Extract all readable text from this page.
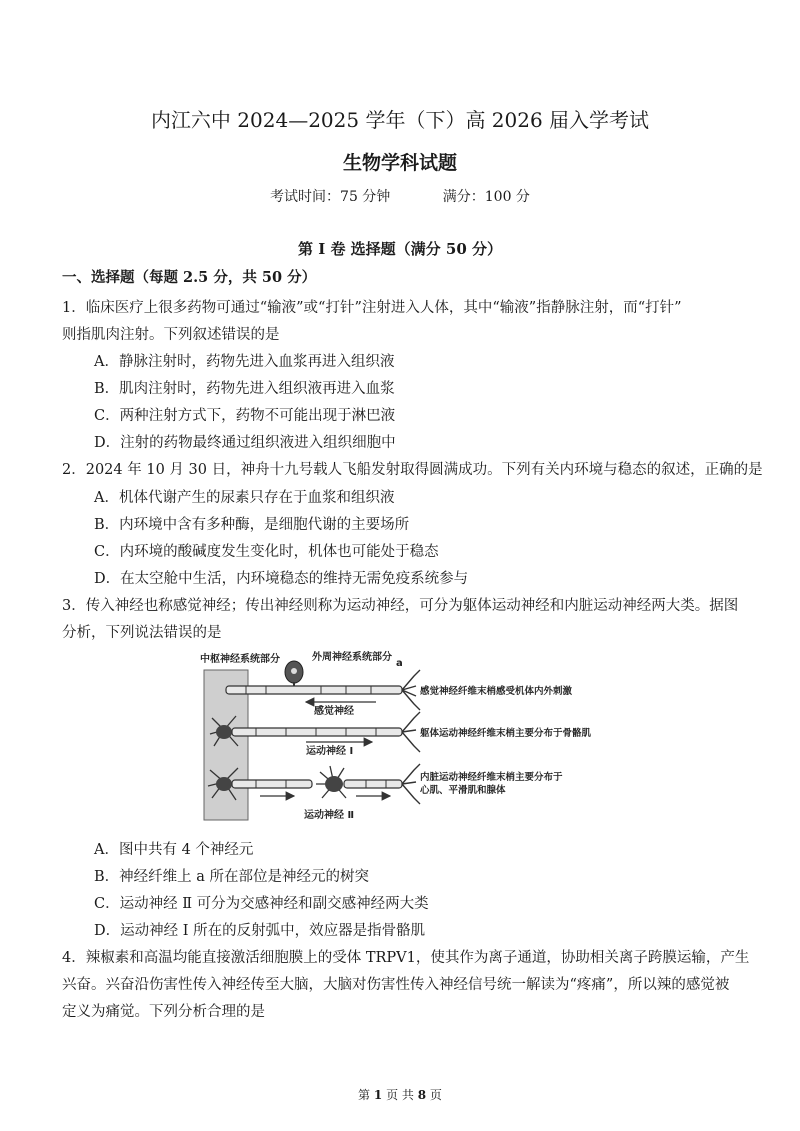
内江六中 2024—2025 学年（下）高 2026 届入学考试
生物学科试题
考试时间：75 分钟	满分：100 分
第 I 卷 选择题（满分 50 分）
一、选择题（每题 2.5 分，共 50 分）
1．临床医疗上很多药物可通过“输液”或“打针”注射进入人体，其中“输液”指静脉注射，而“打针”
则指肌肉注射。下列叙述错误的是
A．静脉注射时，药物先进入血浆再进入组织液
B．肌肉注射时，药物先进入组织液再进入血浆
C．两种注射方式下，药物不可能出现于淋巴液
D．注射的药物最终通过组织液进入组织细胞中
2．2024 年 10 月 30 日，神舟十九号载人飞船发射取得圆满成功。下列有关内环境与稳态的叙述，正确的是
A．机体代谢产生的尿素只存在于血浆和组织液
B．内环境中含有多种酶，是细胞代谢的主要场所
C．内环境的酸碱度发生变化时，机体也可能处于稳态
D．在太空舱中生活，内环境稳态的维持无需免疫系统参与
3．传入神经也称感觉神经；传出神经则称为运动神经，可分为躯体运动神经和内脏运动神经两大类。据图
分析，下列说法错误的是
中枢神经系统部分	外周神经系统部分
a
感觉神经
感觉神经纤维末梢感受机体内外刺激
运动神经 Ⅰ
躯体运动神经纤维末梢主要分布于骨骼肌
运动神经 Ⅱ
内脏运动神经纤维末梢主要分布于
心肌、平滑肌和腺体
A．图中共有 4 个神经元
B．神经纤维上 a 所在部位是神经元的树突
C．运动神经 Ⅱ 可分为交感神经和副交感神经两大类
D．运动神经 Ⅰ 所在的反射弧中，效应器是指骨骼肌
4．辣椒素和高温均能直接激活细胞膜上的受体 TRPV1，使其作为离子通道，协助相关离子跨膜运输，产生
兴奋。兴奋沿伤害性传入神经传至大脑，大脑对伤害性传入神经信号统一解读为“疼痛”，所以辣的感觉被
定义为痛觉。下列分析合理的是
第 1 页 共 8 页
